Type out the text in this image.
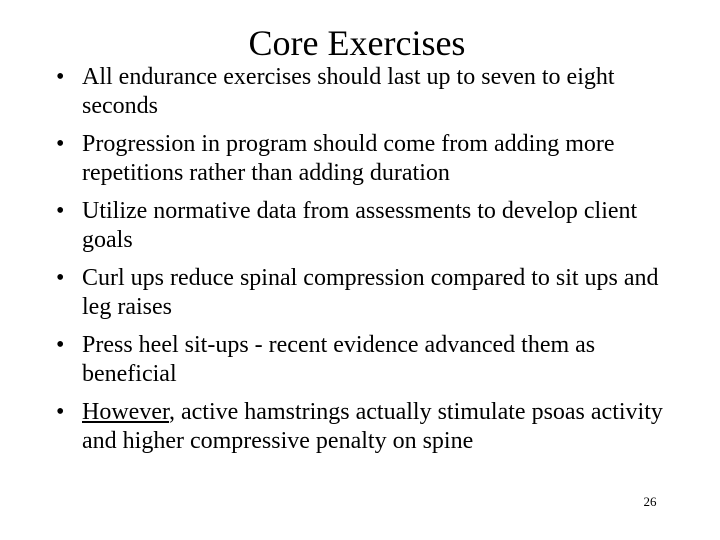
Core Exercises
• All endurance exercises should last up to seven to eight seconds
• Progression in program should come from adding more repetitions rather than adding duration
• Utilize normative data from assessments to develop client goals
• Curl ups reduce spinal compression compared to sit ups and leg raises
• Press heel sit-ups - recent evidence advanced them as beneficial
• However, active hamstrings actually stimulate psoas activity and higher compressive penalty on spine
26
